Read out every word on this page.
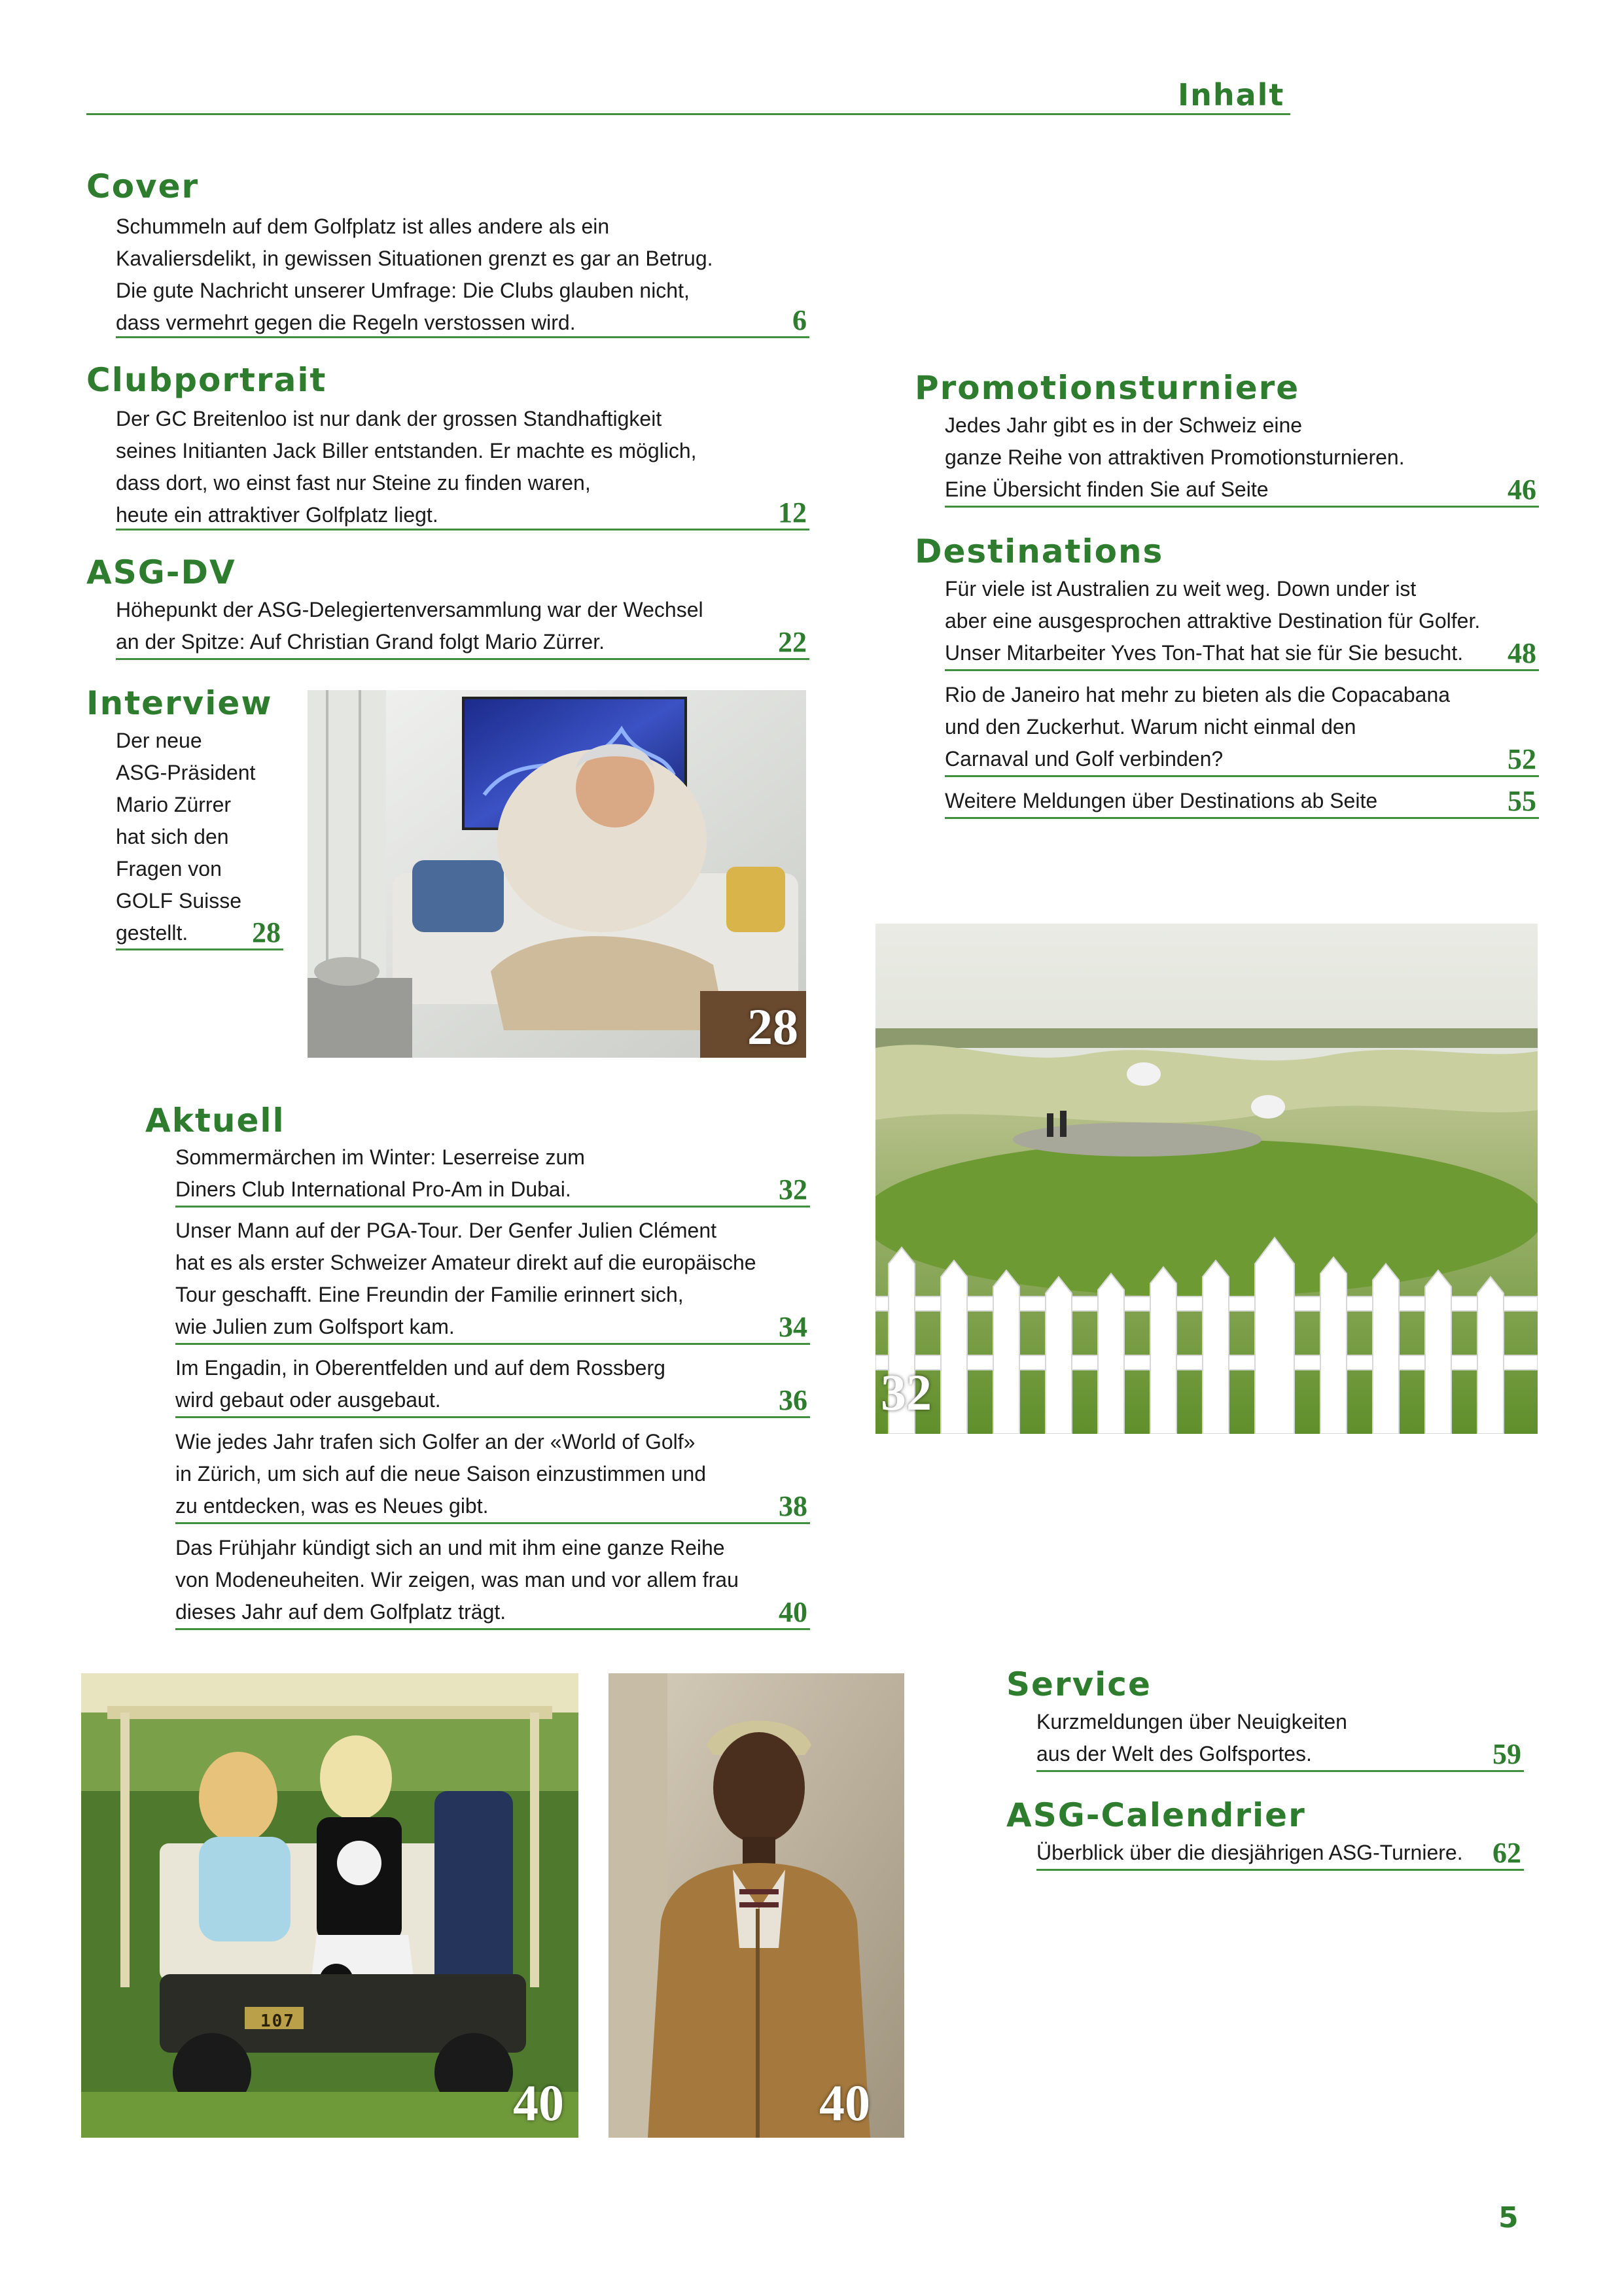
Inhalt
Cover
Schummeln auf dem Golfplatz ist alles andere als ein
Kavaliersdelikt, in gewissen Situationen grenzt es gar an Betrug.
Die gute Nachricht unserer Umfrage: Die Clubs glauben nicht,
dass vermehrt gegen die Regeln verstossen wird.	6
Clubportrait
Der GC Breitenloo ist nur dank der grossen Standhaftigkeit
seines Initianten Jack Biller entstanden. Er machte es möglich,
dass dort, wo einst fast nur Steine zu finden waren,
heute ein attraktiver Golfplatz liegt.	12
ASG-DV
Höhepunkt der ASG-Delegiertenversammlung war der Wechsel
an der Spitze: Auf Christian Grand folgt Mario Zürrer.	22
Interview
Der neue
ASG-Präsident
Mario Zürrer
hat sich den
Fragen von
GOLF Suisse
gestellt.	28
28
Aktuell
Sommermärchen im Winter: Leserreise zum
Diners Club International Pro-Am in Dubai.	32
Unser Mann auf der PGA-Tour. Der Genfer Julien Clément
hat es als erster Schweizer Amateur direkt auf die europäische
Tour geschafft. Eine Freundin der Familie erinnert sich,
wie Julien zum Golfsport kam.	34
Im Engadin, in Oberentfelden und auf dem Rossberg
wird gebaut oder ausgebaut.	36
Wie jedes Jahr trafen sich Golfer an der «World of Golf»
in Zürich, um sich auf die neue Saison einzustimmen und
zu entdecken, was es Neues gibt.	38
Das Frühjahr kündigt sich an und mit ihm eine ganze Reihe
von Modeneuheiten. Wir zeigen, was man und vor allem frau
dieses Jahr auf dem Golfplatz trägt.	40
Promotionsturniere
Jedes Jahr gibt es in der Schweiz eine
ganze Reihe von attraktiven Promotionsturnieren.
Eine Übersicht finden Sie auf Seite	46
Destinations
Für viele ist Australien zu weit weg. Down under ist
aber eine ausgesprochen attraktive Destination für Golfer.
Unser Mitarbeiter Yves Ton-That hat sie für Sie besucht.	48
Rio de Janeiro hat mehr zu bieten als die Copacabana
und den Zuckerhut. Warum nicht einmal den
Carnaval und Golf verbinden?	52
Weitere Meldungen über Destinations ab Seite	55
32
107
40	40
Service
Kurzmeldungen über Neuigkeiten
aus der Welt des Golfsportes.	59
ASG-Calendrier
Überblick über die diesjährigen ASG-Turniere.	62
5
